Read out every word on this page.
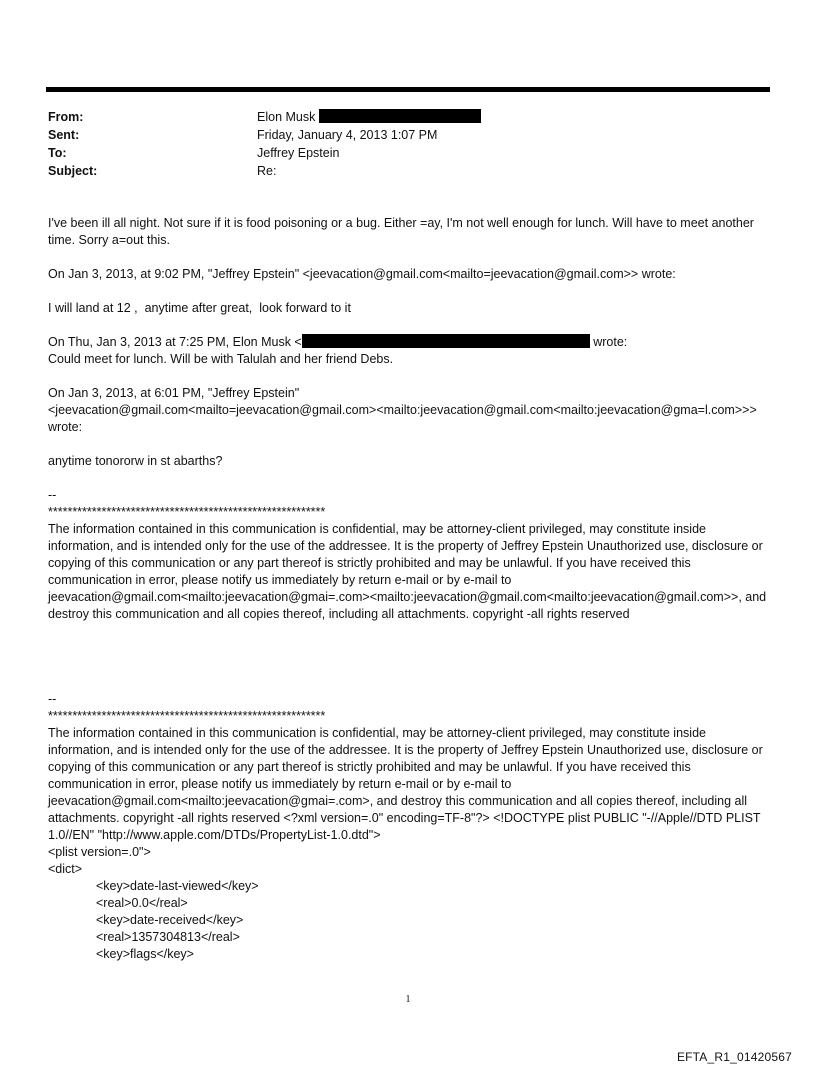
From:	Elon Musk
Sent:	Friday, January 4, 2013 1:07 PM
To:	Jeffrey Epstein
Subject:	Re:

I've been ill all night. Not sure if it is food poisoning or a bug. Either =ay, I'm not well enough for lunch. Will have to meet another time. Sorry a=out this.

On Jan 3, 2013, at 9:02 PM, "Jeffrey Epstein" <jeevacation@gmail.com<mailto=jeevacation@gmail.com>> wrote:

I will land at 12 ,  anytime after great,  look forward to it

On Thu, Jan 3, 2013 at 7:25 PM, Elon Musk <	wrote:

Could meet for lunch. Will be with Talulah and her friend Debs.

On Jan 3, 2013, at 6:01 PM, "Jeffrey Epstein"
<jeevacation@gmail.com<mailto=jeevacation@gmail.com><mailto:jeevacation@gmail.com<mailto:jeevacation@gma=l.com>>> wrote:

anytime tonororw in st abarths?

--

*********************************************************

The information contained in this communication is confidential, may be attorney-client privileged, may constitute inside information, and is intended only for the use of the addressee. It is the property of Jeffrey Epstein Unauthorized use, disclosure or copying of this communication or any part thereof is strictly prohibited and may be unlawful. If you have received this communication in error, please notify us immediately by return e-mail or by e-mail to jeevacation@gmail.com<mailto:jeevacation@gmai=.com><mailto:jeevacation@gmail.com<mailto:jeevacation@gmail.com>>, and destroy this communication and all copies thereof, including all attachments. copyright -all rights reserved

--

*********************************************************

The information contained in this communication is confidential, may be attorney-client privileged, may constitute inside information, and is intended only for the use of the addressee. It is the property of Jeffrey Epstein Unauthorized use, disclosure or copying of this communication or any part thereof is strictly prohibited and may be unlawful. If you have received this communication in error, please notify us immediately by return e-mail or by e-mail to jeevacation@gmail.com<mailto:jeevacation@gmai=.com>, and destroy this communication and all copies thereof, including all attachments. copyright -all rights reserved <?xml version=.0" encoding=TF-8"?> <!DOCTYPE plist PUBLIC "-//Apple//DTD PLIST 1.0//EN" "http://www.apple.com/DTDs/PropertyList-1.0.dtd">

<plist version=.0">

<dict>

<key>date-last-viewed</key>

<real>0.0</real>

<key>date-received</key>

<real>1357304813</real>

<key>flags</key>

1
EFTA_R1_01420567
